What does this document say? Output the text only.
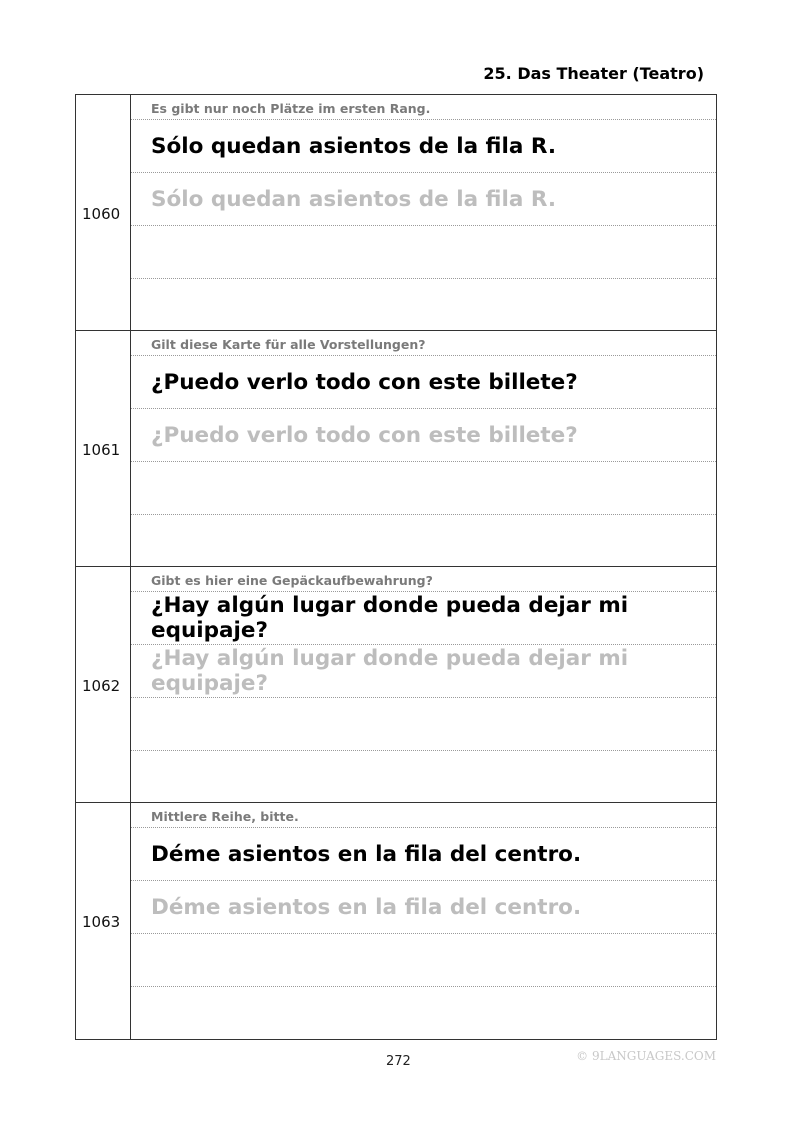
25. Das Theater (Teatro)
1060
Es gibt nur noch Plätze im ersten Rang.
Sólo quedan asientos de la fila R.
Sólo quedan asientos de la fila R.
1061
Gilt diese Karte für alle Vorstellungen?
¿Puedo verlo todo con este billete?
¿Puedo verlo todo con este billete?
1062
Gibt es hier eine Gepäckaufbewahrung?
¿Hay algún lugar donde pueda dejar mi equipaje?
¿Hay algún lugar donde pueda dejar mi equipaje?
1063
Mittlere Reihe, bitte.
Déme asientos en la fila del centro.
Déme asientos en la fila del centro.
272	© 9LANGUAGES.COM
